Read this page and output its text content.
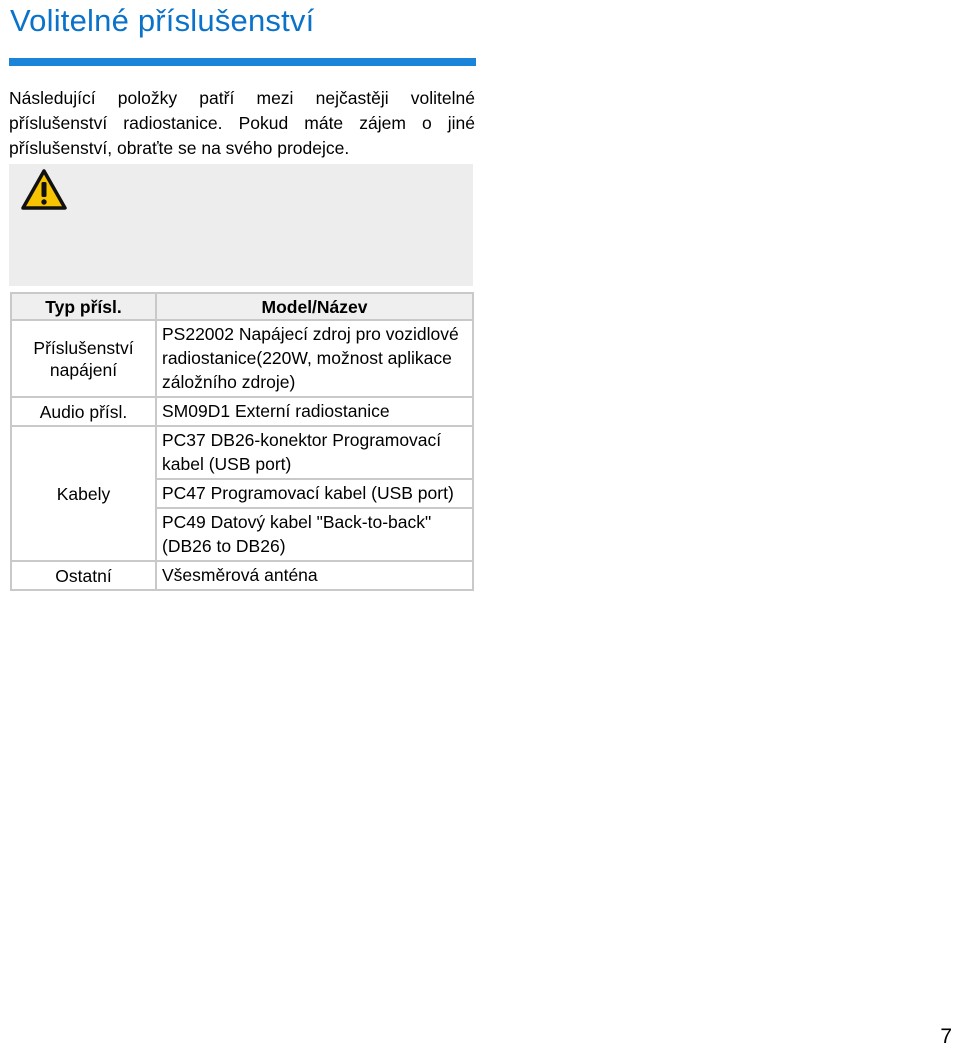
Volitelné příslušenství

Následující položky patří mezi nejčastěji volitelné příslušenství radiostanice. Pokud máte zájem o jiné příslušenství, obraťte se na svého prodejce.

Typ přísl.	Model/Název
Příslušenství napájení	PS22002 Napájecí zdroj pro vozidlové radiostanice(220W, možnost aplikace záložního zdroje)
Audio přísl.	SM09D1 Externí radiostanice
Kabely	PC37 DB26-konektor Programovací kabel (USB port)
	PC47 Programovací kabel (USB port)
	PC49 Datový kabel "Back-to-back" (DB26 to DB26)
Ostatní	Všesměrová anténa
7
